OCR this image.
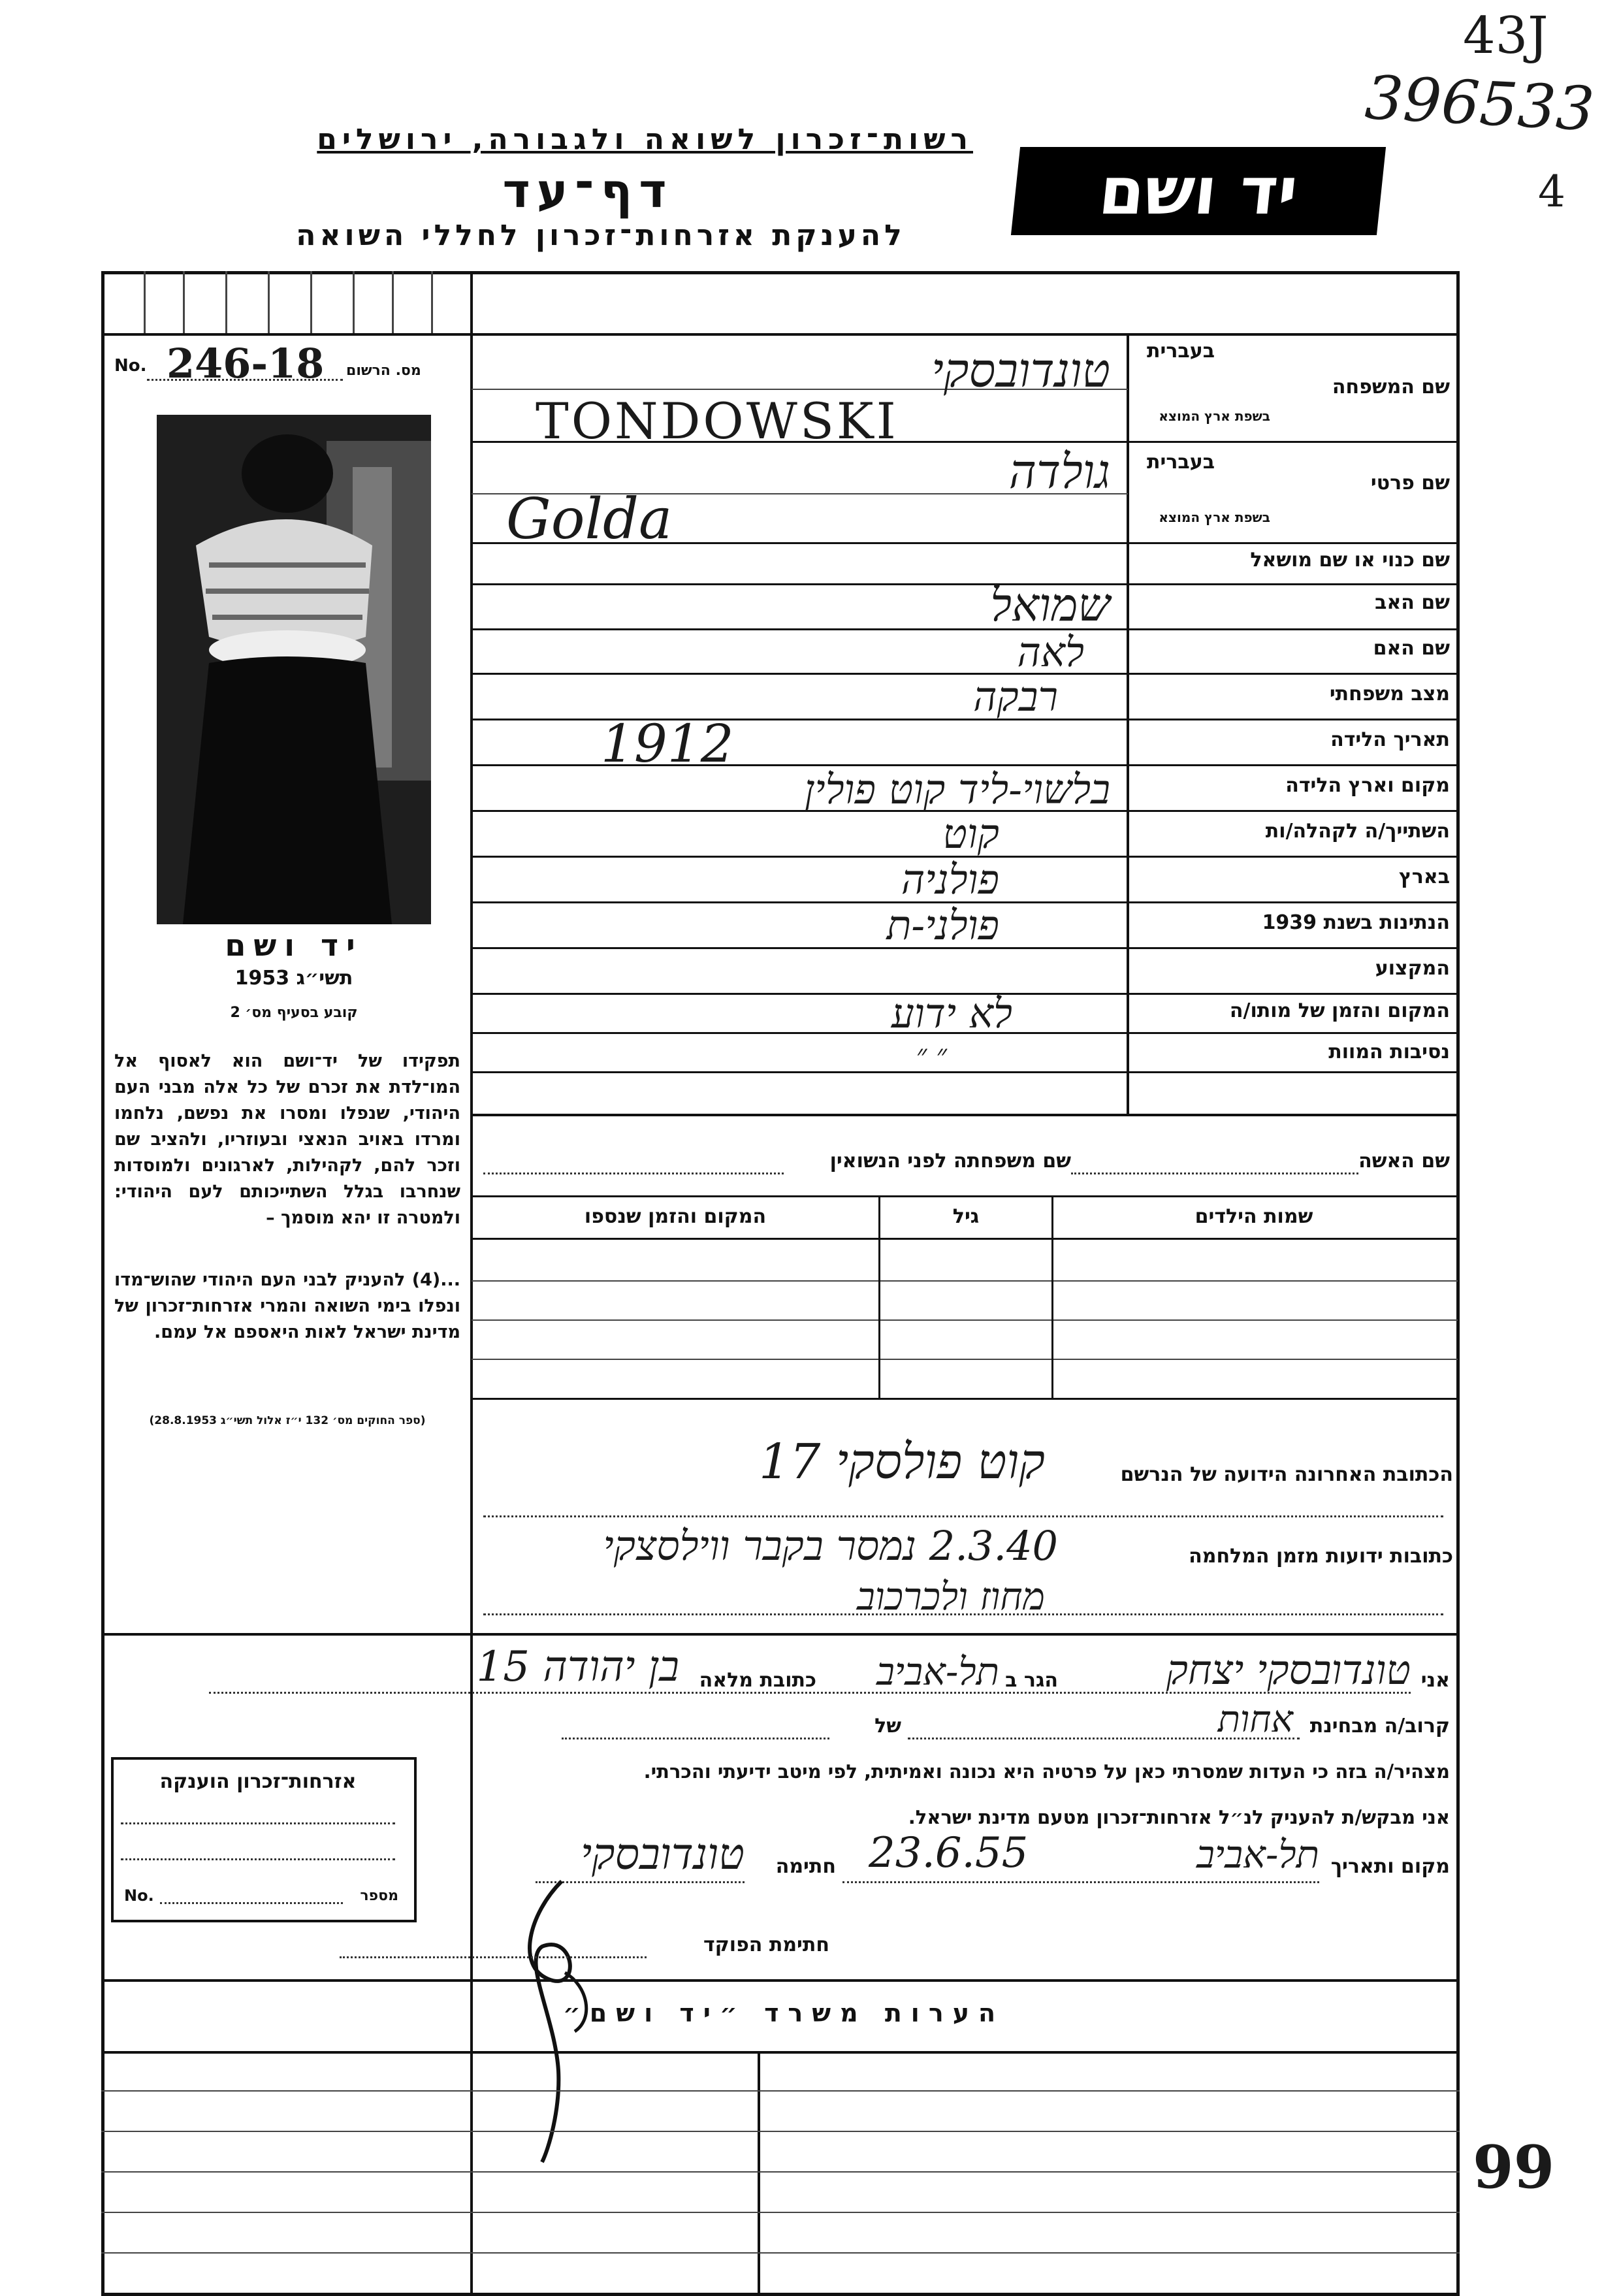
43J
396533
4
99
רשות־זכרון לשואה ולגבורה, ירושלים
דף־עד
להענקת אזרחות־זכרון לחללי השואה
יד ושם
No. 246-18 מס. הרשום
יד ושם
תשי״ג 1953
קובע בסעיף מס׳ 2
תפקידו של יד־ושם הוא לאסוף אל המו־לדת את זכרם של כל אלה מבני העם היהודי, שנפלו ומסרו את נפשם, נלחמו ומרדו באויב הנאצי ובעוזריו, ולהציב שם וזכר להם, לקהילות, לארגונים ולמוסדות שנחרבו בגלל השתייכותם לעם היהודי: ולמטרה זו יהא מוסמך –
...(4) להעניק לבני העם היהודי שהוש־מדו ונפלו בימי השואה והמרי אזרחות־זכרון של מדינת ישראל לאות היאספם אל עמם.
(ספר החוקים מס׳ 132 י״ז אלול תשי״ג 28.8.1953)
בעברית
בשפת ארץ המוצא
שם המשפחה
טונדובסקי
TONDOWSKI
בעברית
בשפת ארץ המוצא
שם פרטי
גולדה
Golda
שם כנוי או שם מושאל
שם האב
שמואל
שם האם
לאה
מצב משפחתי
רבקה
תאריך הלידה
1912
מקום וארץ הלידה
בלשוי-ליד קוט פולין
השתייך/ה לקהלה/ות
קוט
בארץ
פולניה
הנתינות בשנת 1939
פולני-ת
המקצוע
המקום והזמן של מותו/ה
לא ידוע
נסיבות המוות
״ ״
שם האשה
שם משפחתה לפני הנשואין
שמות הילדים
גיל
המקום והזמן שנספו
הכתובת האחרונה הידועה של הנרשם
קוט פולסקי 17
כתובות ידועות מזמן המלחמה
2.3.40 נמסר בקבר ווילסצקי
מחוז ולכרכוב
אני
טונדובסקי יצחק
הגר ב
תל-אביב
כתובת מלאה
בן יהודה 15
קרוב/ה מבחינת
אחות
של
מצהיר/ה בזה כי העדות שמסרתי כאן על פרטיה היא נכונה ואמיתית, לפי מיטב ידיעתי והכרתי.
אני מבקש/ת להעניק לנ״ל אזרחות־זכרון מטעם מדינת ישראל.
מקום ותאריך
תל-אביב
23.6.55
חתימה
טונדובסקי
חתימת הפוקד
אזרחות־זכרון הוענקה
No.	מספר
הערות משרד ״יד ושם״
